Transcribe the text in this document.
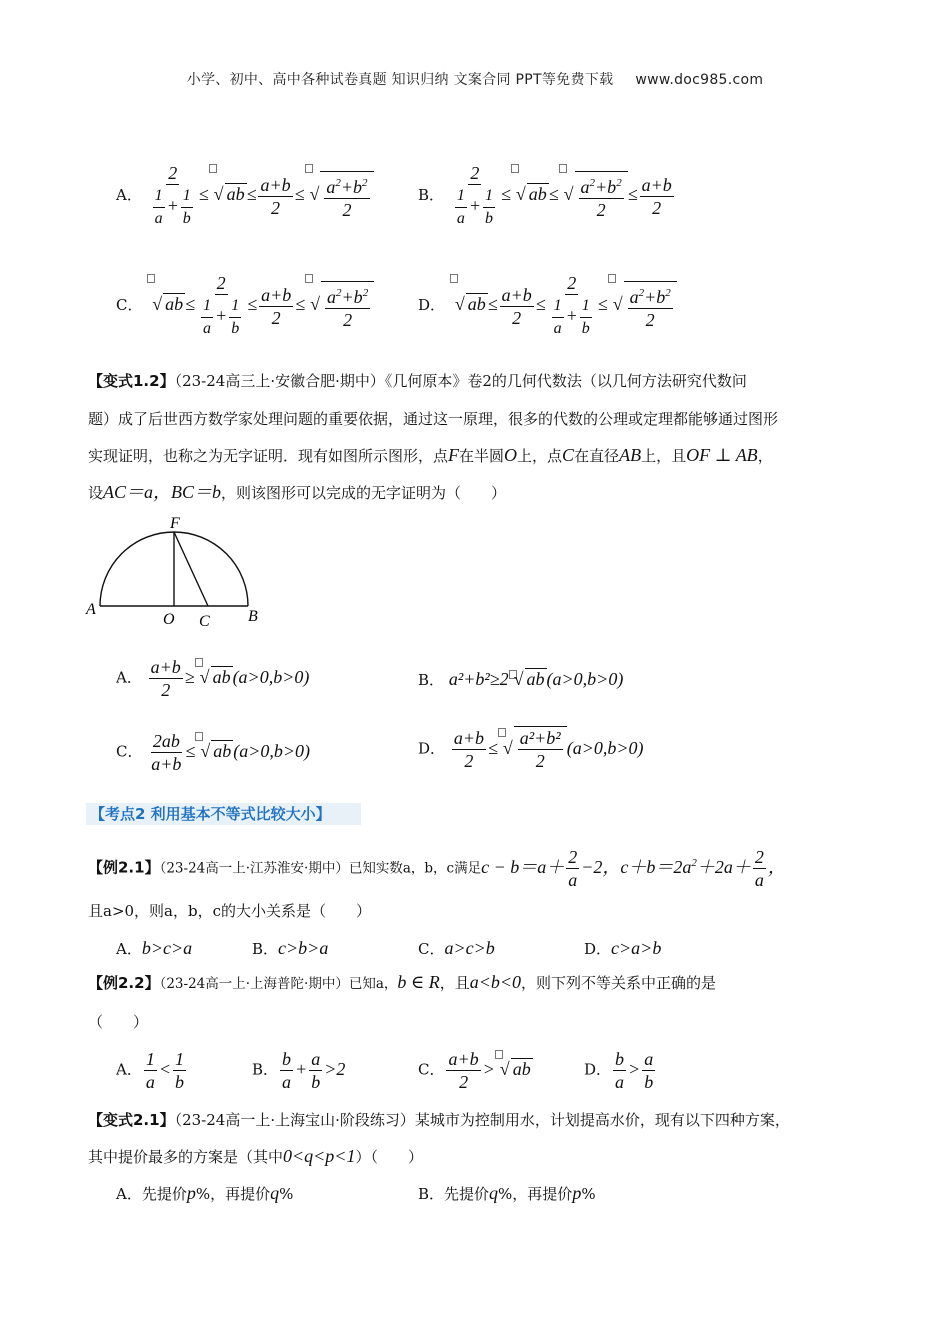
小学、初中、高中各种试卷真题 知识归纳 文案合同 PPT等免费下载 www.doc985.com
A． $\frac{2}{\frac{1}{a} + \frac{1}{b}}$ ≤ √ ab ≤ $\frac{a+b}{2}$ ≤ √ $\frac{a^2+b^2}{2}$	B． $\frac{2}{\frac{1}{a} + \frac{1}{b}}$ ≤ √ ab ≤ √ $\frac{a^2+b^2}{2} \le \frac{a+b}{2}$
C． √ ab ≤ $\frac{2}{\frac{1}{a} + \frac{1}{b}} \le \frac{a+b}{2}$ ≤ √ $\frac{a^2+b^2}{2}$	D． √ ab ≤ $\frac{a+b}{2} \le \frac{2}{\frac{1}{a} + \frac{1}{b}}$ ≤ √ $\frac{a^2+b^2}{2}$
【变式1.2】（23-24高三上·安徽合肥·期中）《几何原本》卷2的几何代数法（以几何方法研究代数问
题）成了后世西方数学家处理问题的重要依据，通过这一原理，很多的代数的公理或定理都能够通过图形
实现证明，也称之为无字证明．现有如图所示图形，点F在半圆O上，点C在直径AB上，且OF ⊥ AB，
设AC＝a，BC＝b，则该图形可以完成的无字证明为（　　）
F
A
O C B
A． $\frac{a+b}{2}$ ≥ √ ab (a>0,b>0)	B． a²+b²≥2 √ ab (a>0,b>0)
C． $\frac{2ab}{a+b}$ ≤ √ ab (a>0,b>0)	D． $\frac{a+b}{2}$ ≤ √ $\frac{\text{a²+b²}}{2} (a>0,b>0)$
【考点2 利用基本不等式比较大小】
【例2.1】（23-24高一上·江苏淮安·期中）已知实数a，b，c满足$c - b=a+ \frac{2}{a} -2$，$c+b=2a^2+2a+ \frac{2}{a}$ ，
且a>0，则a，b，c的大小关系是（　　）
A．b>c>a	B．c>b>a	C．a>c>b	D．c>a>b
【例2.2】（23-24高一上·上海普陀·期中）已知a，b ∈ R，且a<b<0，则下列不等关系中正确的是
（　　）
A． $\frac{1}{a} < \frac{1}{b}$	B． $\frac{b}{a} + \frac{a}{b} >2$	C． $\frac{a+b}{2}$ > √ ab	D． $\frac{b}{a} > \frac{a}{b}$
【变式2.1】（23-24高一上·上海宝山·阶段练习）某城市为控制用水，计划提高水价，现有以下四种方案，
其中提价最多的方案是（其中0<q<p<1）（　　）
A．先提价p%，再提价q%	B．先提价q%，再提价p%
